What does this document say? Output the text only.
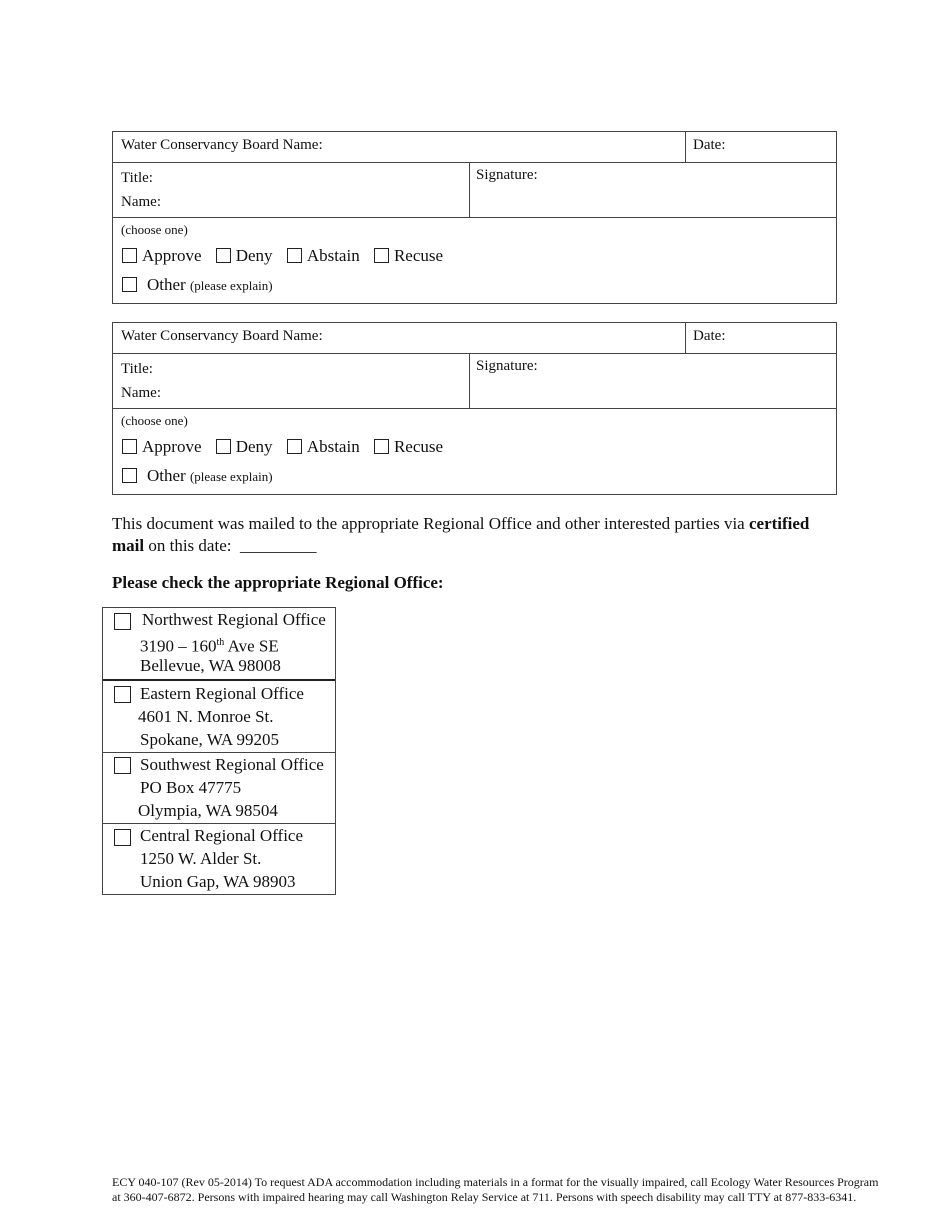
Water Conservancy Board Name:	Date:
Title:
Name:
Signature:
(choose one)
Approve Deny Abstain Recuse
Other (please explain)
Water Conservancy Board Name:	Date:
Title:
Name:
Signature:
(choose one)
Approve Deny Abstain Recuse
Other (please explain)
This document was mailed to the appropriate Regional Office and other interested parties via certified mail on this date: _________
Please check the appropriate Regional Office:
Northwest Regional Office
3190 – 160th Ave SE
Bellevue, WA 98008
Eastern Regional Office
4601 N. Monroe St.
Spokane, WA 99205
Southwest Regional Office
PO Box 47775
Olympia, WA 98504
Central Regional Office
1250 W. Alder St.
Union Gap, WA 98903
ECY 040-107 (Rev 05-2014) To request ADA accommodation including materials in a format for the visually impaired, call Ecology Water Resources Program
at 360-407-6872. Persons with impaired hearing may call Washington Relay Service at 711. Persons with speech disability may call TTY at 877-833-6341.
